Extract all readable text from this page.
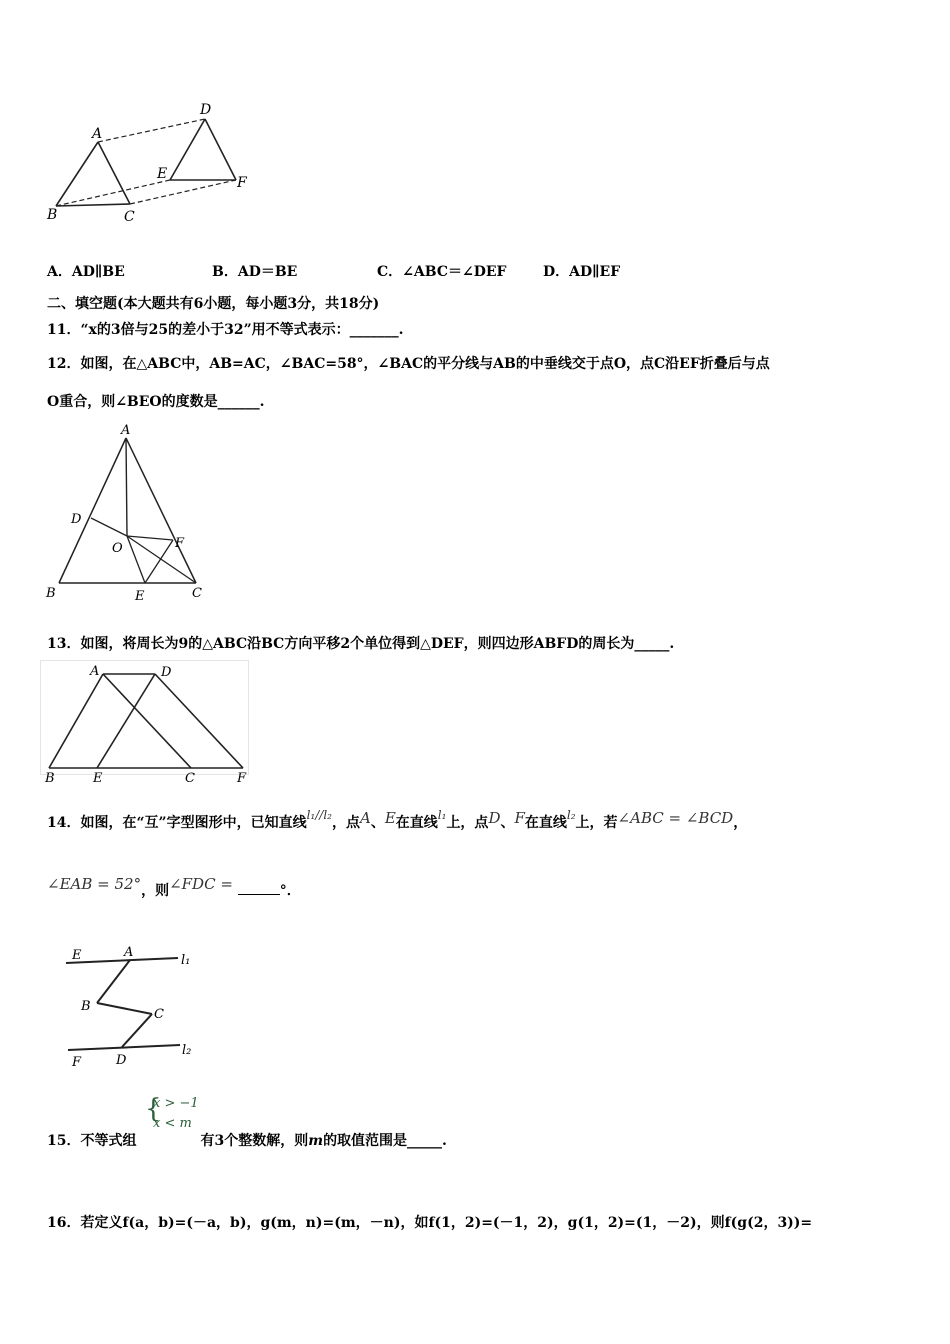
D
A
E
F
B	C
A．AD∥BE	B．AD＝BE	C．∠ABC＝∠DEF	D．AD∥EF
二、填空题(本大题共有6小题，每小题3分，共18分)
11．“x的3倍与25的差小于32”用不等式表示：_______.
12．如图，在△ABC中，AB=AC，∠BAC=58°，∠BAC的平分线与AB的中垂线交于点O，点C沿EF折叠后与点
O重合，则∠BEO的度数是______.
A
D
O	F
B	E	C
13．如图，将周长为9的△ABC沿BC方向平移2个单位得到△DEF，则四边形ABFD的周长为_____.
A	D
B	E	C	F
14．如图，在“互”字型图形中，已知直线l₁//l₂，点A、E在直线l₁上，点D、F在直线l₂上，若∠ABC = ∠BCD，
∠EAB = 52°，则∠FDC =	°．
E	A
l₁
B
C
F	D
l₂
{
x > −1
x < m
15．不等式组	有3个整数解，则m的取值范围是_____.
16．若定义f(a，b)=(－a，b)，g(m，n)=(m，－n)，如f(1，2)=(－1，2)，g(1，2)=(1，－2)，则f(g(2，3))=
